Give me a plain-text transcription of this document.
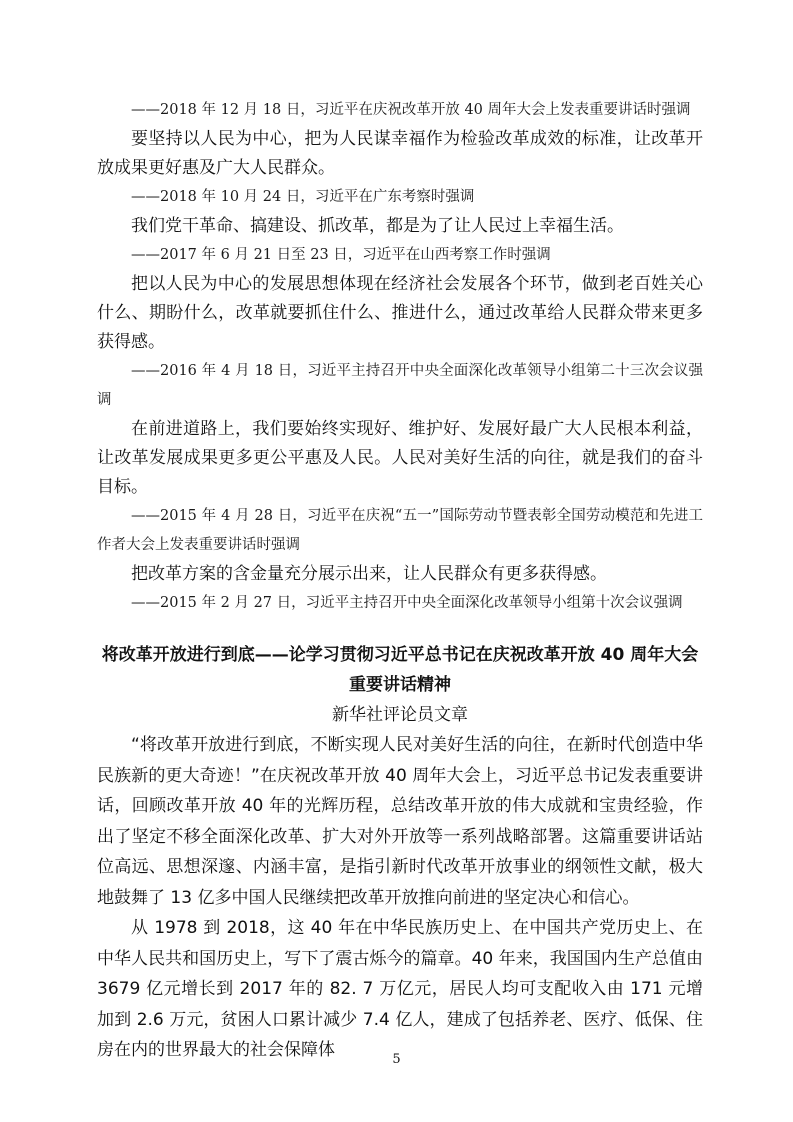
——2018 年 12 月 18 日，习近平在庆祝改革开放 40 周年大会上发表重要讲话时强调

要坚持以人民为中心，把为人民谋幸福作为检验改革成效的标准，让改革开放成果更好惠及广大人民群众。

——2018 年 10 月 24 日，习近平在广东考察时强调

我们党干革命、搞建设、抓改革，都是为了让人民过上幸福生活。

——2017 年 6 月 21 日至 23 日，习近平在山西考察工作时强调

把以人民为中心的发展思想体现在经济社会发展各个环节，做到老百姓关心什么、期盼什么，改革就要抓住什么、推进什么，通过改革给人民群众带来更多获得感。

——2016 年 4 月 18 日，习近平主持召开中央全面深化改革领导小组第二十三次会议强调

在前进道路上，我们要始终实现好、维护好、发展好最广大人民根本利益，让改革发展成果更多更公平惠及人民。人民对美好生活的向往，就是我们的奋斗目标。

——2015 年 4 月 28 日，习近平在庆祝“五一”国际劳动节暨表彰全国劳动模范和先进工作者大会上发表重要讲话时强调

把改革方案的含金量充分展示出来，让人民群众有更多获得感。

——2015 年 2 月 27 日，习近平主持召开中央全面深化改革领导小组第十次会议强调

将改革开放进行到底——论学习贯彻习近平总书记在庆祝改革开放 40 周年大会重要讲话精神

新华社评论员文章

“将改革开放进行到底，不断实现人民对美好生活的向往，在新时代创造中华民族新的更大奇迹！”在庆祝改革开放 40 周年大会上，习近平总书记发表重要讲话，回顾改革开放 40 年的光辉历程，总结改革开放的伟大成就和宝贵经验，作出了坚定不移全面深化改革、扩大对外开放等一系列战略部署。这篇重要讲话站位高远、思想深邃、内涵丰富，是指引新时代改革开放事业的纲领性文献，极大地鼓舞了 13 亿多中国人民继续把改革开放推向前进的坚定决心和信心。

从 1978 到 2018，这 40 年在中华民族历史上、在中国共产党历史上、在中华人民共和国历史上，写下了震古烁今的篇章。40 年来，我国国内生产总值由 3679 亿元增长到 2017 年的 82. 7 万亿元，居民人均可支配收入由 171 元增加到 2.6 万元，贫困人口累计减少 7.4 亿人，建成了包括养老、医疗、低保、住房在内的世界最大的社会保障体	5
